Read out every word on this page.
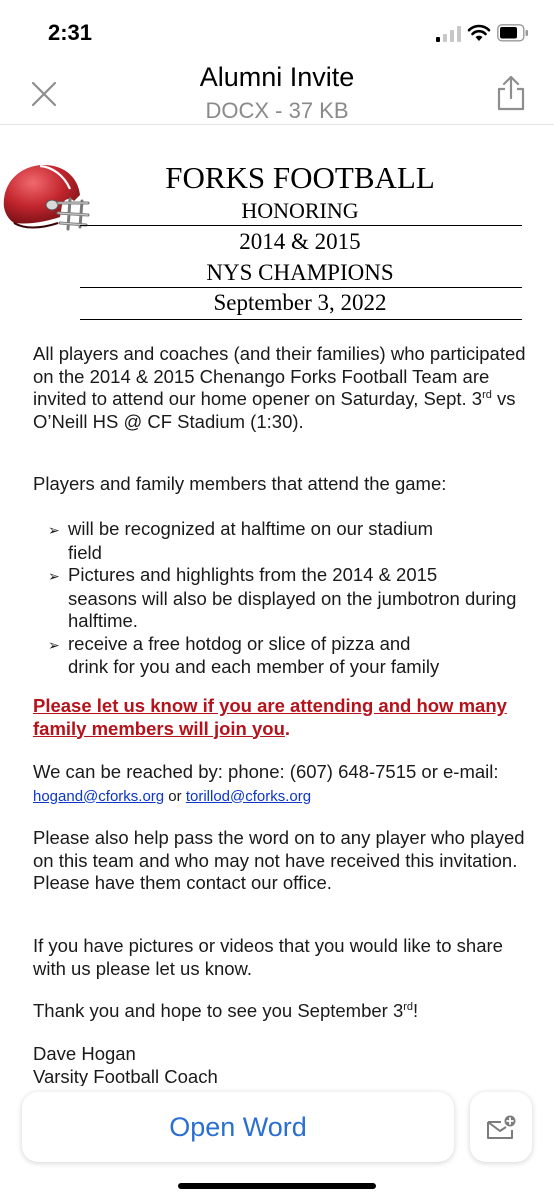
2:31
Alumni Invite
DOCX - 37 KB
FORKS FOOTBALL
HONORING
2014 & 2015
NYS CHAMPIONS
September 3, 2022
All players and coaches (and their families) who participated on the 2014 & 2015 Chenango Forks Football Team are invited to attend our home opener on Saturday, Sept. 3rd vs O’Neill HS @ CF Stadium (1:30).
Players and family members that attend the game:
➢ will be recognized at halftime on our stadium
field
➢ Pictures and highlights from the 2014 & 2015
seasons will also be displayed on the jumbotron during halftime.
➢ receive a free hotdog or slice of pizza and
drink for you and each member of your family
Please let us know if you are attending and how many family members will join you.
We can be reached by: phone: (607) 648-7515 or e-mail: hogand@cforks.org or torillod@cforks.org
Please also help pass the word on to any player who played on this team and who may not have received this invitation. Please have them contact our office.
If you have pictures or videos that you would like to share with us please let us know.
Thank you and hope to see you September 3rd!
Dave Hogan
Varsity Football Coach
Open Word
